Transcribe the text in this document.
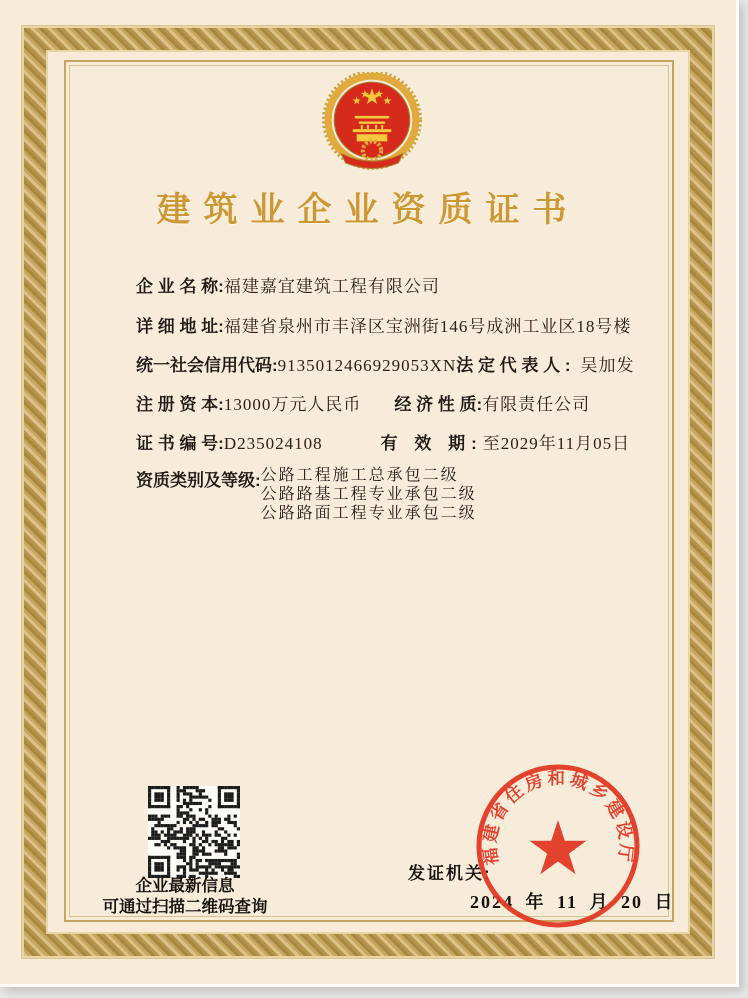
建筑业企业资质证书
企 业 名 称:福建嘉宜建筑工程有限公司
详 细 地 址:福建省泉州市丰泽区宝洲街146号成洲工业区18号楼
统一社会信用代码:9135012466929053XN法 定 代 表 人 : 吴加发
注 册 资 本:13000万元人民币 经 济 性 质:有限责任公司
证 书 编 号:D235024108	有 效 期:至2029年11月05日
资质类别及等级: 公路工程施工总承包二级
公路路基工程专业承包二级
公路路面工程专业承包二级
企业最新信息
可通过扫描二维码查询
发证机关:
2024 年 11 月 20 日
福建省住房和城乡建设厅
